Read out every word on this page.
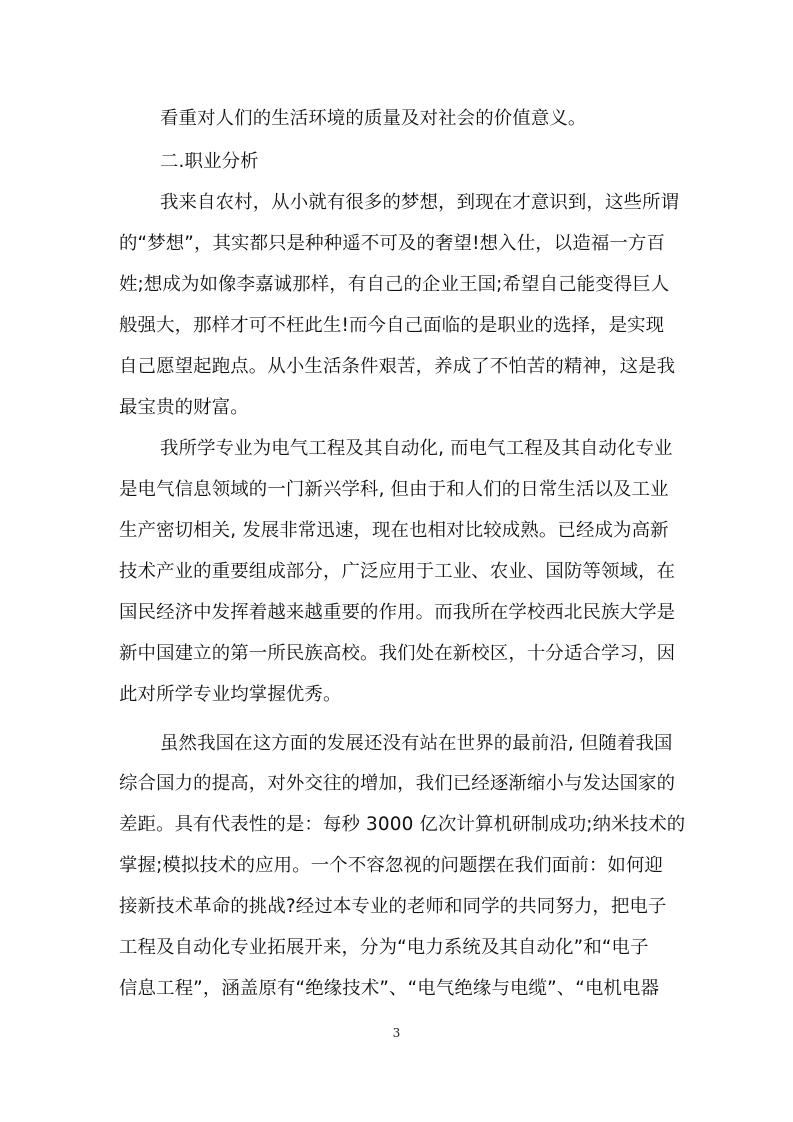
看重对人们的生活环境的质量及对社会的价值意义。
二.职业分析
我来自农村，从小就有很多的梦想，到现在才意识到，这些所谓
的“梦想”，其实都只是种种遥不可及的奢望!想入仕，以造福一方百
姓;想成为如像李嘉诚那样，有自己的企业王国;希望自己能变得巨人
般强大，那样才可不枉此生!而今自己面临的是职业的选择，是实现
自己愿望起跑点。从小生活条件艰苦，养成了不怕苦的精神，这是我
最宝贵的财富。
我所学专业为电气工程及其自动化, 而电气工程及其自动化专业
是电气信息领域的一门新兴学科, 但由于和人们的日常生活以及工业
生产密切相关, 发展非常迅速，现在也相对比较成熟。已经成为高新
技术产业的重要组成部分，广泛应用于工业、农业、国防等领域，在
国民经济中发挥着越来越重要的作用。而我所在学校西北民族大学是
新中国建立的第一所民族高校。我们处在新校区，十分适合学习，因
此对所学专业均掌握优秀。
虽然我国在这方面的发展还没有站在世界的最前沿, 但随着我国
综合国力的提高，对外交往的增加，我们已经逐渐缩小与发达国家的
差距。具有代表性的是：每秒 3000 亿次计算机研制成功;纳米技术的
掌握;模拟技术的应用。一个不容忽视的问题摆在我们面前：如何迎
接新技术革命的挑战?经过本专业的老师和同学的共同努力，把电子
工程及自动化专业拓展开来，分为“电力系统及其自动化”和“电子
信息工程”，涵盖原有“绝缘技术”、“电气绝缘与电缆”、“电机电器
3
